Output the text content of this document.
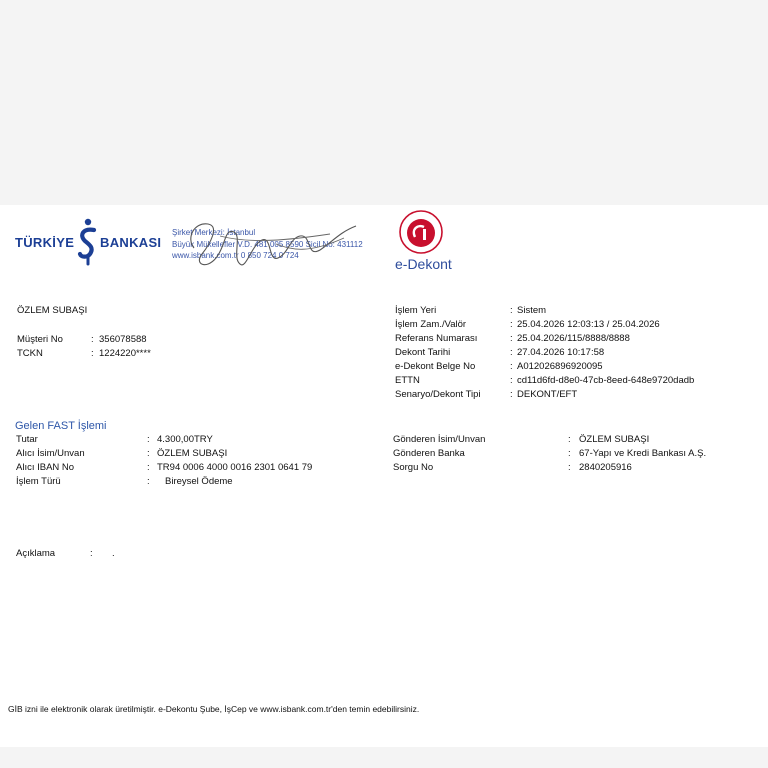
TÜRKİYE BANKASI
Şirket Merkezi: İstanbul
Büyük Mükellefler V.D. 481 005 8590 Sicil No: 431112
www.isbank.com.tr 0 850 724 0 724
e-Dekont
ÖZLEM SUBAŞI
Müşteri No	: 356078588
TCKN	: 1224220****
İşlem Yeri	: Sistem
İşlem Zam./Valör	: 25.04.2026 12:03:13 / 25.04.2026
Referans Numarası	: 25.04.2026/115/8888/8888
Dekont Tarihi	: 27.04.2026 10:17:58
e-Dekont Belge No	: A012026896920095
ETTN	: cd11d6fd-d8e0-47cb-8eed-648e9720dadb
Senaryo/Dekont Tipi	: DEKONT/EFT
Gelen FAST İşlemi
Tutar	: 4.300,00TRY
Alıcı İsim/Unvan	: ÖZLEM SUBAŞI
Alıcı IBAN No	: TR94 0006 4000 0016 2301 0641 79
İşlem Türü	: Bireysel Ödeme
Gönderen İsim/Unvan	: ÖZLEM SUBAŞI
Gönderen Banka	: 67-Yapı ve Kredi Bankası A.Ş.
Sorgu No	: 2840205916
Açıklama	: .
GİB izni ile elektronik olarak üretilmiştir. e-Dekontu Şube, İşCep ve www.isbank.com.tr'den temin edebilirsiniz.
